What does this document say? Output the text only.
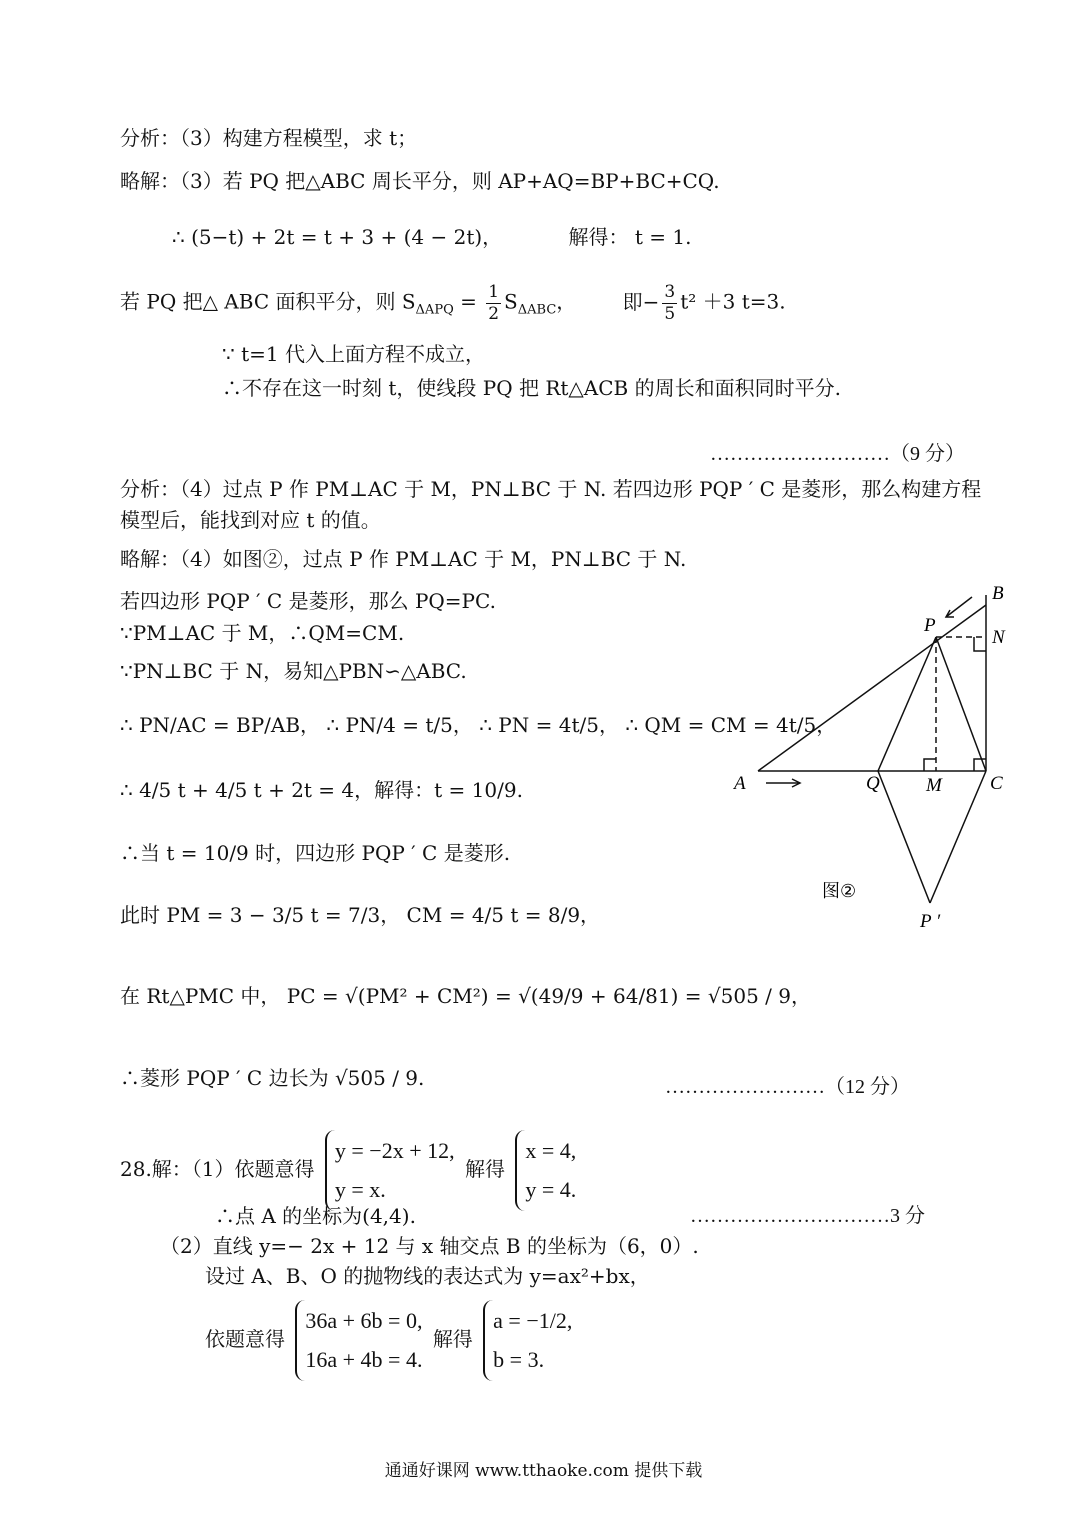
分析：（3）构建方程模型，求 t；
略解：（3）若 PQ 把△ABC 周长平分，则 AP+AQ=BP+BC+CQ.
∴ (5−t) + 2t = t + 3 + (4 − 2t)，	解得： t = 1.
若 PQ 把△ ABC 面积平分，则 $S_{\Delta APQ} = \frac{1}{2} S_{\Delta ABC}$， 即− $\frac{3}{5} t^2 +3$ t=3.
∵ t=1 代入上面方程不成立，
∴不存在这一时刻 t，使线段 PQ 把 Rt△ACB 的周长和面积同时平分.
………………………（9 分）
分析：（4）过点 P 作 PM⊥AC 于 M，PN⊥BC 于 N. 若四边形 PQP ′ C 是菱形，那么构建方程
模型后，能找到对应 t 的值。
略解：（4）如图②，过点 P 作 PM⊥AC 于 M，PN⊥BC 于 N.
若四边形 PQP ′ C 是菱形，那么 PQ=PC.
∵PM⊥AC 于 M，∴QM=CM.
∵PN⊥BC 于 N，易知△PBN∽△ABC.
∴ PN/AC = BP/AB， ∴ PN/4 = t/5， ∴ PN = 4t/5， ∴ QM = CM = 4t/5，
∴ 4/5 t + 4/5 t + 2t = 4，解得：t = 10/9.
∴当 t = 10/9 时，四边形 PQP ′ C 是菱形.
此时 PM = 3 − 3/5 t = 7/3， CM = 4/5 t = 8/9，
在 Rt△PMC 中， PC = √(PM² + CM²) = √(49/9 + 64/81) = √505 / 9，
∴菱形 PQP ′ C 边长为 √505 / 9.	……………………（12 分）
28.解：（1）依题意得
y = −2x + 12,
y = x.
解得
x = 4,
y = 4.
∴点 A 的坐标为(4,4).	…………………………3 分
（2）直线 y=− 2x + 12 与 x 轴交点 B 的坐标为（6，0）.
设过 A、B、O 的抛物线的表达式为 y=ax²+bx，
依题意得
36a + 6b = 0,
16a + 4b = 4.
解得
a = −1/2,
b = 3.
A
B
C
P
N
Q M
P ′
图②
通通好课网 www.tthaoke.com 提供下载
